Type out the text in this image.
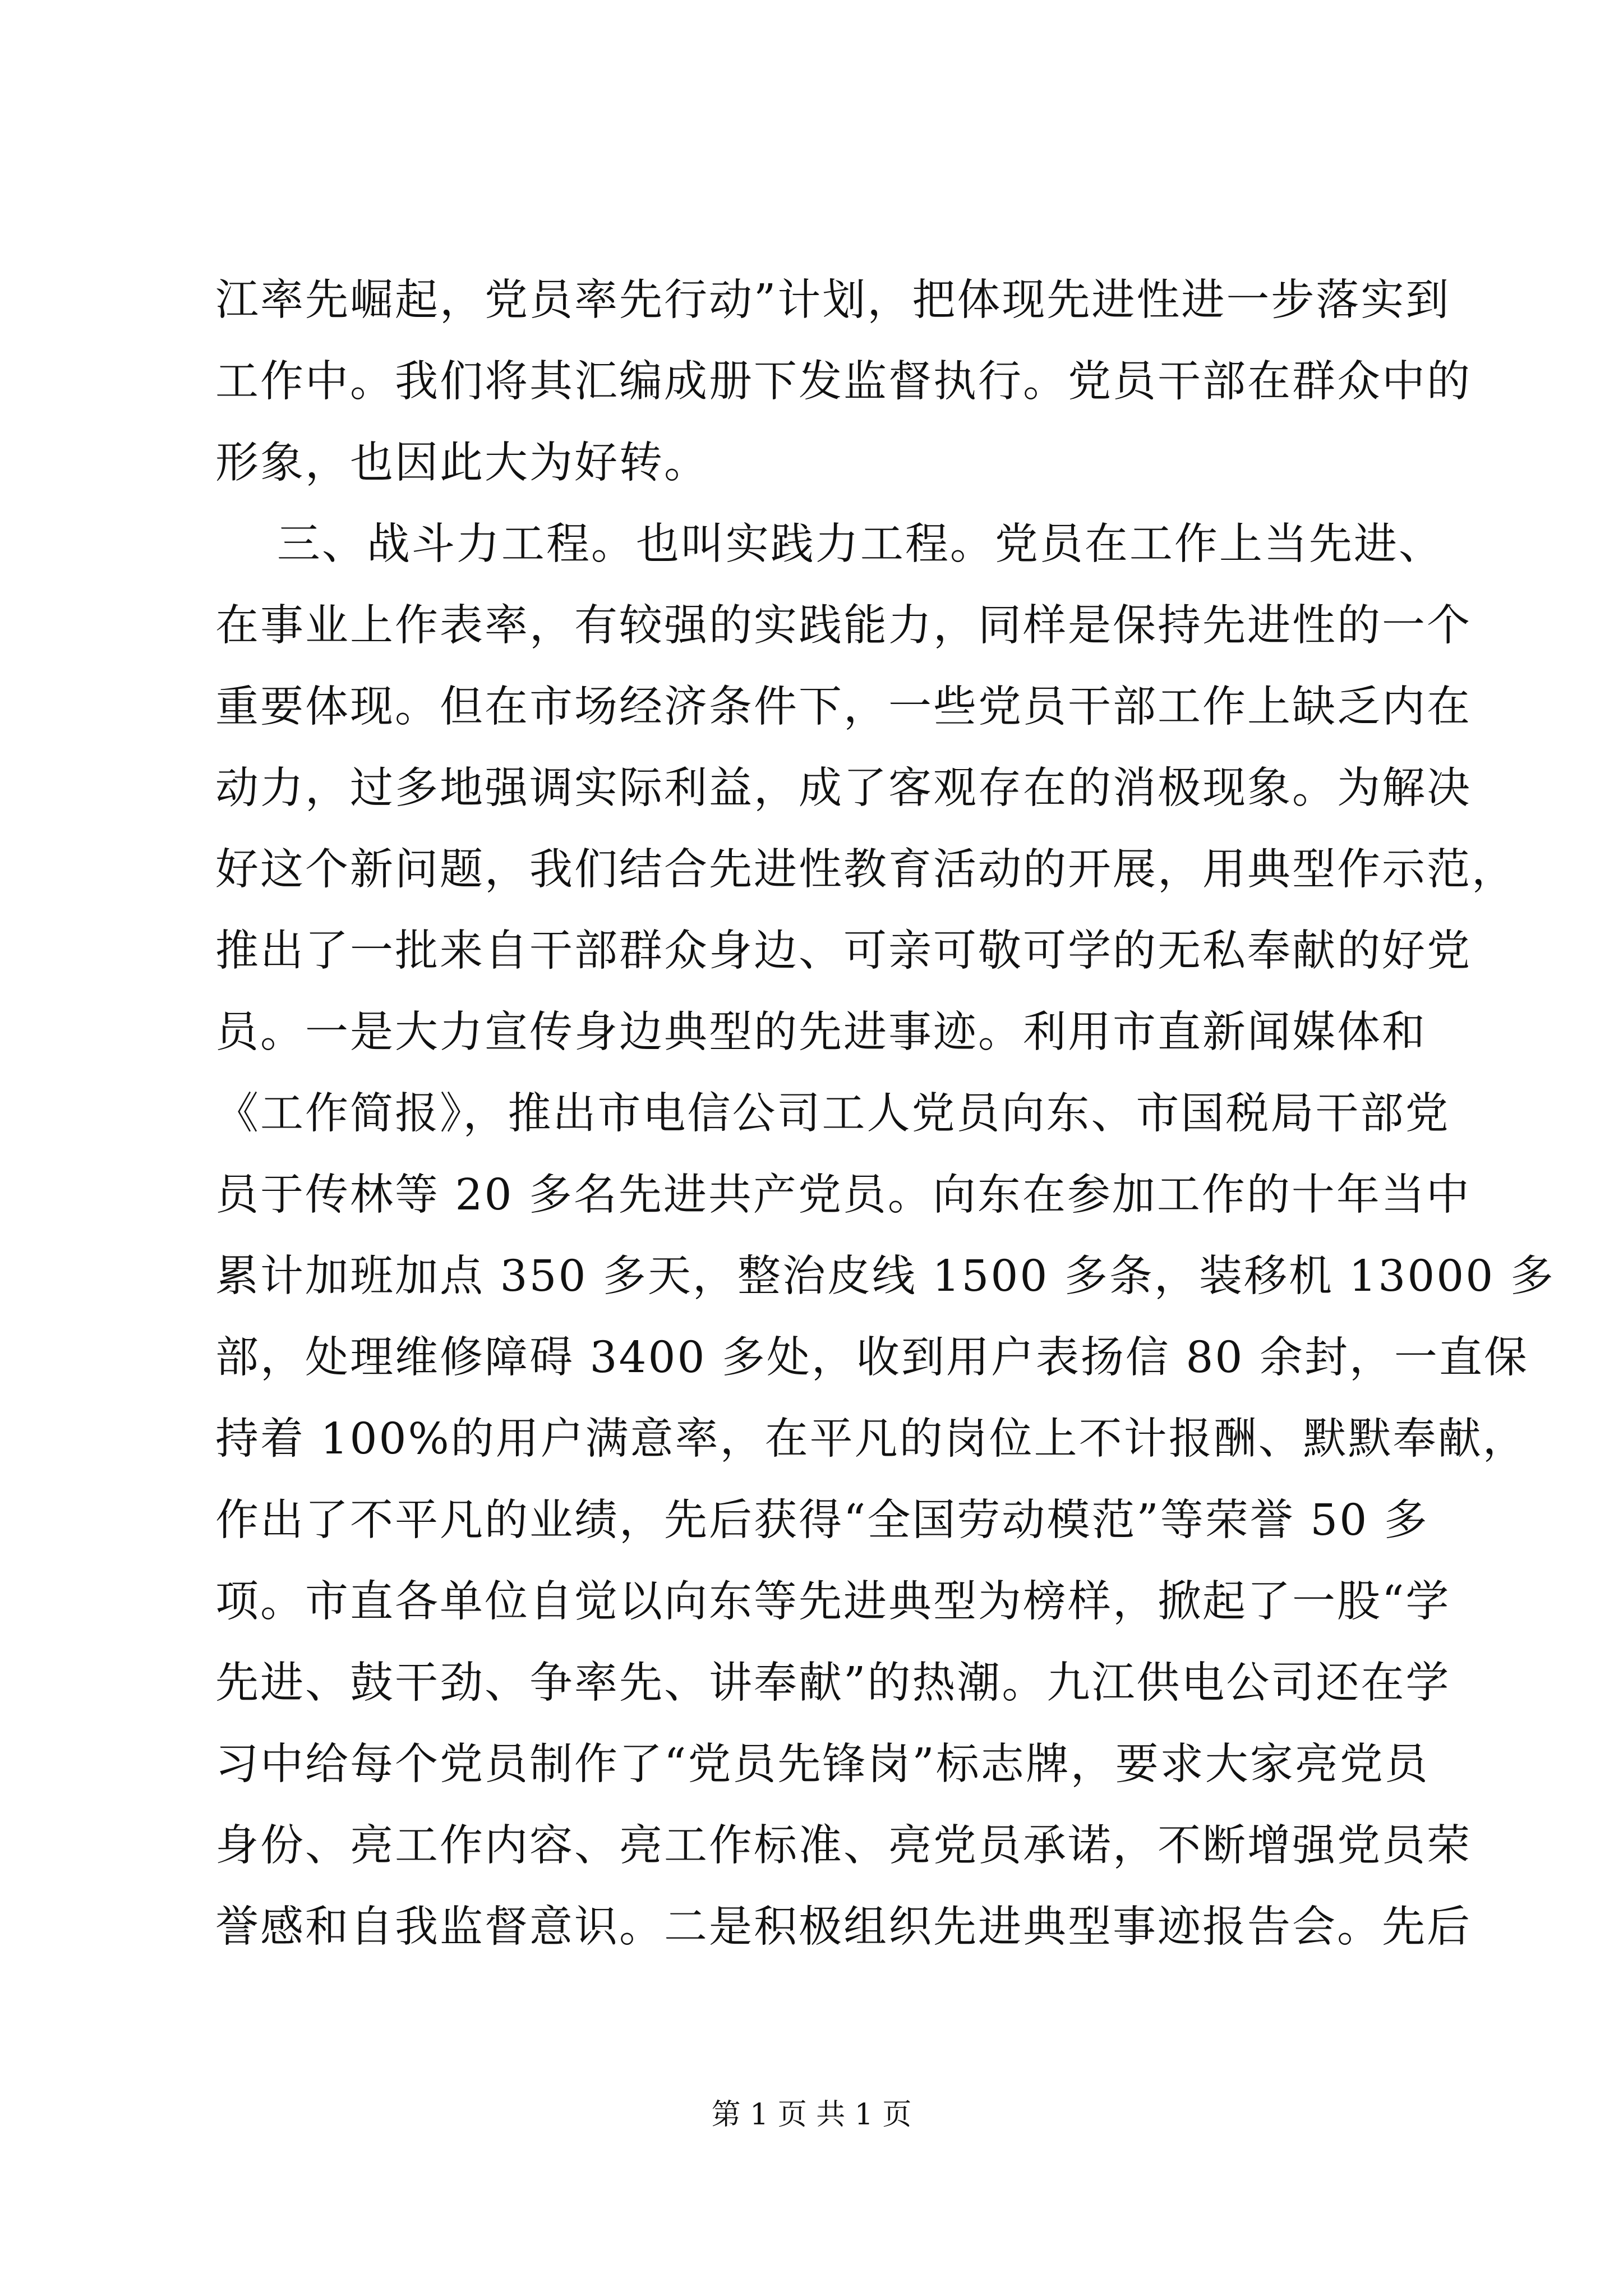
江率先崛起，党员率先行动”计划，把体现先进性进一步落实到
工作中。我们将其汇编成册下发监督执行。党员干部在群众中的
形象，也因此大为好转。
三、战斗力工程。也叫实践力工程。党员在工作上当先进、
在事业上作表率，有较强的实践能力，同样是保持先进性的一个
重要体现。但在市场经济条件下，一些党员干部工作上缺乏内在
动力，过多地强调实际利益，成了客观存在的消极现象。为解决
好这个新问题，我们结合先进性教育活动的开展，用典型作示范，
推出了一批来自干部群众身边、可亲可敬可学的无私奉献的好党
员。一是大力宣传身边典型的先进事迹。利用市直新闻媒体和
《工作简报》，推出市电信公司工人党员向东、市国税局干部党
员于传林等 20 多名先进共产党员。向东在参加工作的十年当中
累计加班加点 350 多天，整治皮线 1500 多条，装移机 13000 多
部，处理维修障碍 3400 多处，收到用户表扬信 80 余封，一直保
持着 100%的用户满意率，在平凡的岗位上不计报酬、默默奉献，
作出了不平凡的业绩，先后获得“全国劳动模范”等荣誉 50 多
项。市直各单位自觉以向东等先进典型为榜样，掀起了一股“学
先进、鼓干劲、争率先、讲奉献”的热潮。九江供电公司还在学
习中给每个党员制作了“党员先锋岗”标志牌，要求大家亮党员
身份、亮工作内容、亮工作标准、亮党员承诺，不断增强党员荣
誉感和自我监督意识。二是积极组织先进典型事迹报告会。先后
第 1 页 共 1 页
